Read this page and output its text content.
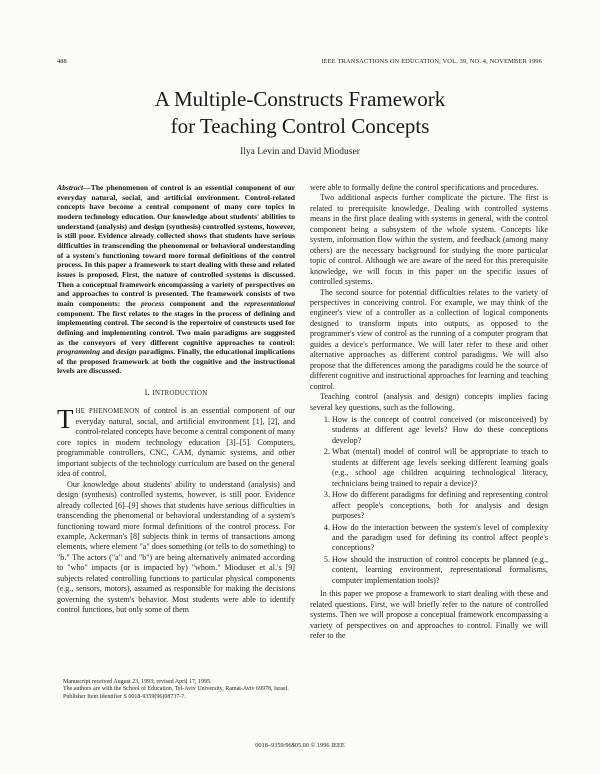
488	IEEE TRANSACTIONS ON EDUCATION, VOL. 39, NO. 4, NOVEMBER 1996
A Multiple-Constructs Framework
for Teaching Control Concepts
Ilya Levin and David Mioduser
Abstract—The phenomenon of control is an essential component of our everyday natural, social, and artificial environment. Control-related concepts have become a central component of many core topics in modern technology education. Our knowledge about students' abilities to understand (analysis) and design (synthesis) controlled systems, however, is still poor. Evidence already collected shows that students have serious difficulties in transcending the phenomenal or behavioral understanding of a system's functioning toward more formal definitions of the control process. In this paper a framework to start dealing with these and related issues is proposed. First, the nature of controlled systems is discussed. Then a conceptual framework encompassing a variety of perspectives on and approaches to control is presented. The framework consists of two main components: the process component and the representational component. The first relates to the stages in the process of defining and implementing control. The second is the repertoire of constructs used for defining and implementing control. Two main paradigms are suggested as the conveyors of very different cognitive approaches to control: programming and design paradigms. Finally, the educational implications of the proposed framework at both the cognitive and the instructional levels are discussed.
I. INTRODUCTION

THE PHENOMENON of control is an essential component of our everyday natural, social, and artificial environment [1], [2], and control-related concepts have become a central component of many core topics in modern technology education [3]–[5]. Computers, programmable controllers, CNC, CAM, dynamic systems, and other important subjects of the technology curriculum are based on the general idea of control.

Our knowledge about students' ability to understand (analysis) and design (synthesis) controlled systems, however, is still poor. Evidence already collected [6]–[9] shows that students have serious difficulties in transcending the phenomenal or behavioral understanding of a system's functioning toward more formal definitions of the control process. For example, Ackerman's [8] subjects think in terms of transactions among elements, where element "a" does something (or tells to do something) to "b." The actors ("a" and "b") are being alternatively animated according to "who" impacts (or is impacted by) "whom." Mioduser et al.'s [9] subjects related controlling functions to particular physical components (e.g., sensors, motors), assumed as responsible for making the decisions governing the system's behavior. Most students were able to identify control functions, but only some of them

Manuscript received August 23, 1993; revised April 17, 1995.

The authors are with the School of Education, Tel-Aviv University, Ramat-Aviv 69978, Israel.

Publisher Item Identifier S 0018-9359(96)08737-7.

were able to formally define the control specifications and procedures.

Two additional aspects further complicate the picture. The first is related to prerequisite knowledge. Dealing with controlled systems means in the first place dealing with systems in general, with the control component being a subsystem of the whole system. Concepts like system, information flow within the system, and feedback (among many others) are the necessary background for studying the more particular topic of control. Although we are aware of the need for this prerequisite knowledge, we will focus in this paper on the specific issues of controlled systems.

The second source for potential difficulties relates to the variety of perspectives in conceiving control. For example, we may think of the engineer's view of a controller as a collection of logical components designed to transform inputs into outputs, as opposed to the programmer's view of control as the running of a computer program that guides a device's performance. We will later refer to these and other alternative approaches as different control paradigms. We will also propose that the differences among the paradigms could be the source of different cognitive and instructional approaches for learning and teaching control.

Teaching control (analysis and design) concepts implies facing several key questions, such as the following.

1. How is the concept of control conceived (or misconceived) by students at different age levels? How do these conceptions develop?
2. What (mental) model of control will be appropriate to teach to students at different age levels seeking different learning goals (e.g., school age children acquiring technological literacy, technicians being trained to repair a device)?
3. How do different paradigms for defining and representing control affect people's conceptions, both for analysis and design purposes?
4. How do the interaction between the system's level of complexity and the paradigm used for defining its control affect people's conceptions?
5. How should the instruction of control concepts be planned (e.g., content, learning environment, representational formalisms, computer implementation tools)?

In this paper we propose a framework to start dealing with these and related questions. First, we will briefly refer to the nature of controlled systems. Then we will propose a conceptual framework encompassing a variety of perspectives on and approaches to control. Finally we will refer to the

0018–9359/96$05.00 © 1996 IEEE
